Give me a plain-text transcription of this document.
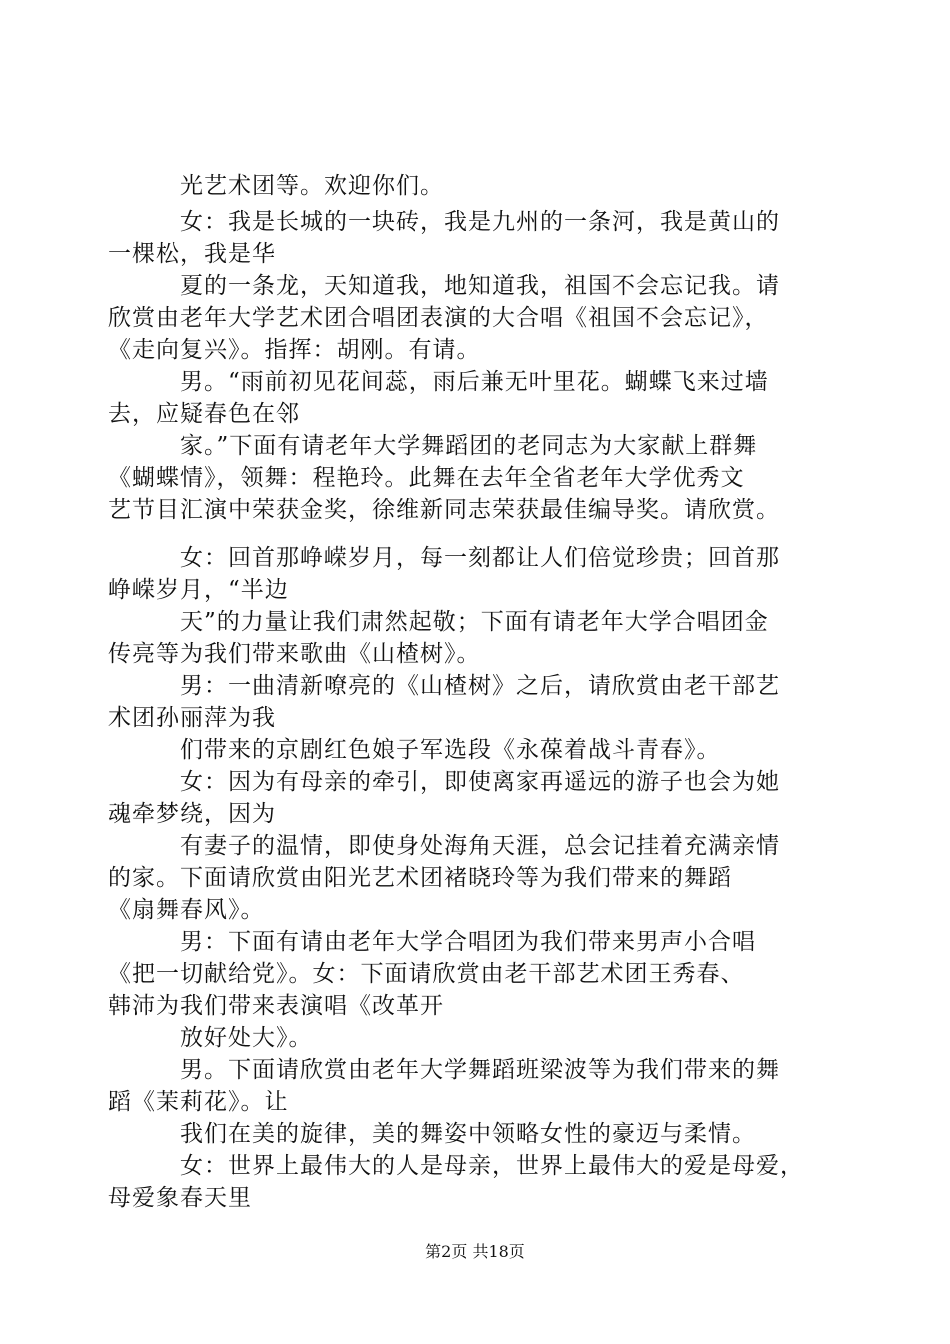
光艺术团等。欢迎你们。
女：我是长城的一块砖，我是九州的一条河，我是黄山的
一棵松，我是华
夏的一条龙，天知道我，地知道我，祖国不会忘记我。请
欣赏由老年大学艺术团合唱团表演的大合唱《祖国不会忘记》，
《走向复兴》。指挥：胡刚。有请。
男。“雨前初见花间蕊，雨后兼无叶里花。蝴蝶飞来过墙
去，应疑春色在邻
家。”下面有请老年大学舞蹈团的老同志为大家献上群舞
《蝴蝶情》，领舞：程艳玲。此舞在去年全省老年大学优秀文
艺节目汇演中荣获金奖，徐维新同志荣获最佳编导奖。请欣赏。
女：回首那峥嵘岁月，每一刻都让人们倍觉珍贵；回首那
峥嵘岁月，“半边
天”的力量让我们肃然起敬；下面有请老年大学合唱团金
传亮等为我们带来歌曲《山楂树》。
男：一曲清新嘹亮的《山楂树》之后，请欣赏由老干部艺
术团孙丽萍为我
们带来的京剧红色娘子军选段《永葆着战斗青春》。
女：因为有母亲的牵引，即使离家再遥远的游子也会为她
魂牵梦绕，因为
有妻子的温情，即使身处海角天涯，总会记挂着充满亲情
的家。下面请欣赏由阳光艺术团褚晓玲等为我们带来的舞蹈
《扇舞春风》。
男：下面有请由老年大学合唱团为我们带来男声小合唱
《把一切献给党》。女：下面请欣赏由老干部艺术团王秀春、
韩沛为我们带来表演唱《改革开
放好处大》。
男。下面请欣赏由老年大学舞蹈班梁波等为我们带来的舞
蹈《茉莉花》。让
我们在美的旋律，美的舞姿中领略女性的豪迈与柔情。
女：世界上最伟大的人是母亲，世界上最伟大的爱是母爱，
母爱象春天里
第2页 共18页
